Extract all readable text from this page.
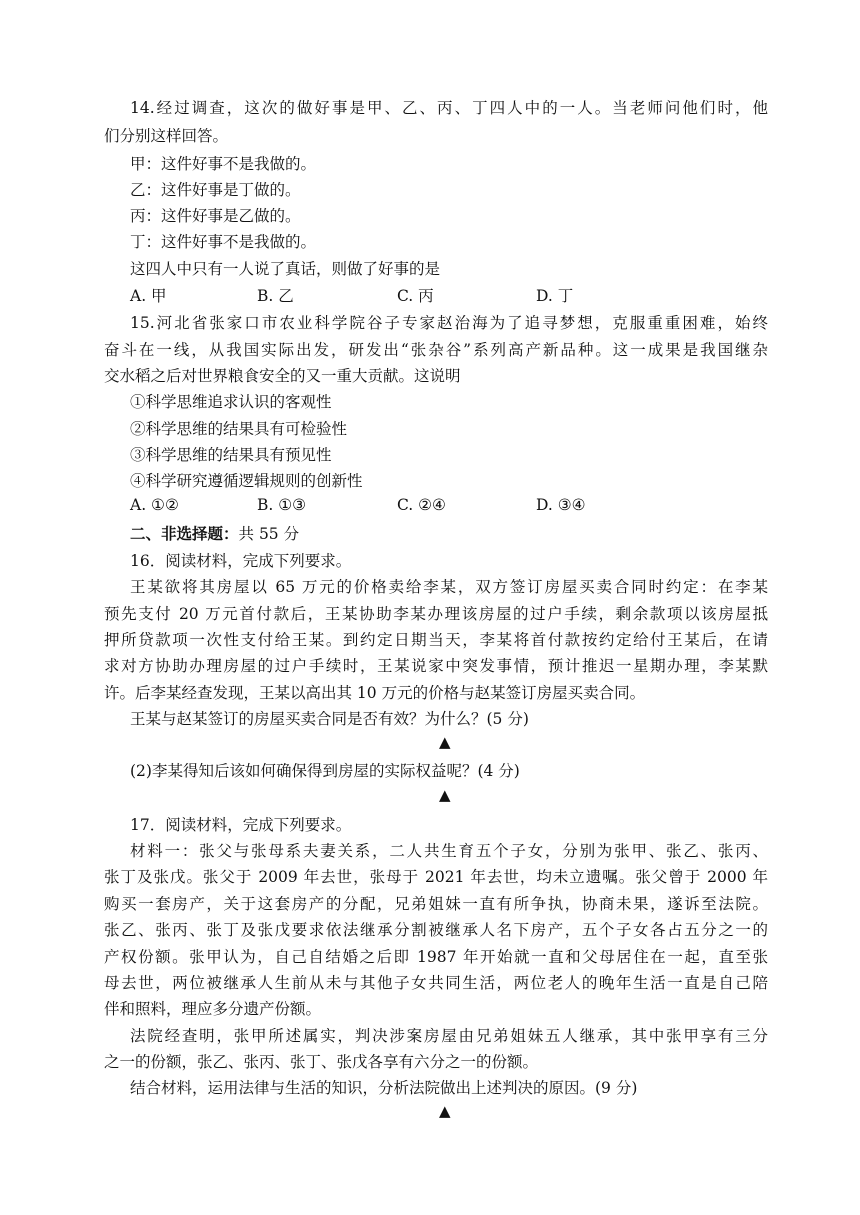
14.经过调查，这次的做好事是甲、乙、丙、丁四人中的一人。当老师问他们时，他
们分别这样回答。
甲：这件好事不是我做的。
乙：这件好事是丁做的。
丙：这件好事是乙做的。
丁：这件好事不是我做的。
这四人中只有一人说了真话，则做了好事的是
A. 甲	B. 乙	C. 丙	D. 丁
15.河北省张家口市农业科学院谷子专家赵治海为了追寻梦想，克服重重困难，始终
奋斗在一线，从我国实际出发，研发出“张杂谷”系列高产新品种。这一成果是我国继杂
交水稻之后对世界粮食安全的又一重大贡献。这说明
①科学思维追求认识的客观性
②科学思维的结果具有可检验性
③科学思维的结果具有预见性
④科学研究遵循逻辑规则的创新性
A. ①②	B. ①③	C. ②④	D. ③④
二、非选择题：共 55 分
16．阅读材料，完成下列要求。
王某欲将其房屋以 65 万元的价格卖给李某，双方签订房屋买卖合同时约定：在李某
预先支付 20 万元首付款后，王某协助李某办理该房屋的过户手续，剩余款项以该房屋抵
押所贷款项一次性支付给王某。到约定日期当天，李某将首付款按约定给付王某后，在请
求对方协助办理房屋的过户手续时，王某说家中突发事情，预计推迟一星期办理，李某默
许。后李某经查发现，王某以高出其 10 万元的价格与赵某签订房屋买卖合同。
王某与赵某签订的房屋买卖合同是否有效？为什么？(5 分)
▲
(2)李某得知后该如何确保得到房屋的实际权益呢？(4 分)
▲
17．阅读材料，完成下列要求。
材料一：张父与张母系夫妻关系，二人共生育五个子女，分别为张甲、张乙、张丙、
张丁及张戊。张父于 2009 年去世，张母于 2021 年去世，均未立遗嘱。张父曾于 2000 年
购买一套房产，关于这套房产的分配，兄弟姐妹一直有所争执，协商未果，遂诉至法院。
张乙、张丙、张丁及张戊要求依法继承分割被继承人名下房产，五个子女各占五分之一的
产权份额。张甲认为，自己自结婚之后即 1987 年开始就一直和父母居住在一起，直至张
母去世，两位被继承人生前从未与其他子女共同生活，两位老人的晚年生活一直是自己陪
伴和照料，理应多分遗产份额。
法院经查明，张甲所述属实，判决涉案房屋由兄弟姐妹五人继承，其中张甲享有三分
之一的份额，张乙、张丙、张丁、张戊各享有六分之一的份额。
结合材料，运用法律与生活的知识，分析法院做出上述判决的原因。(9 分)
▲
